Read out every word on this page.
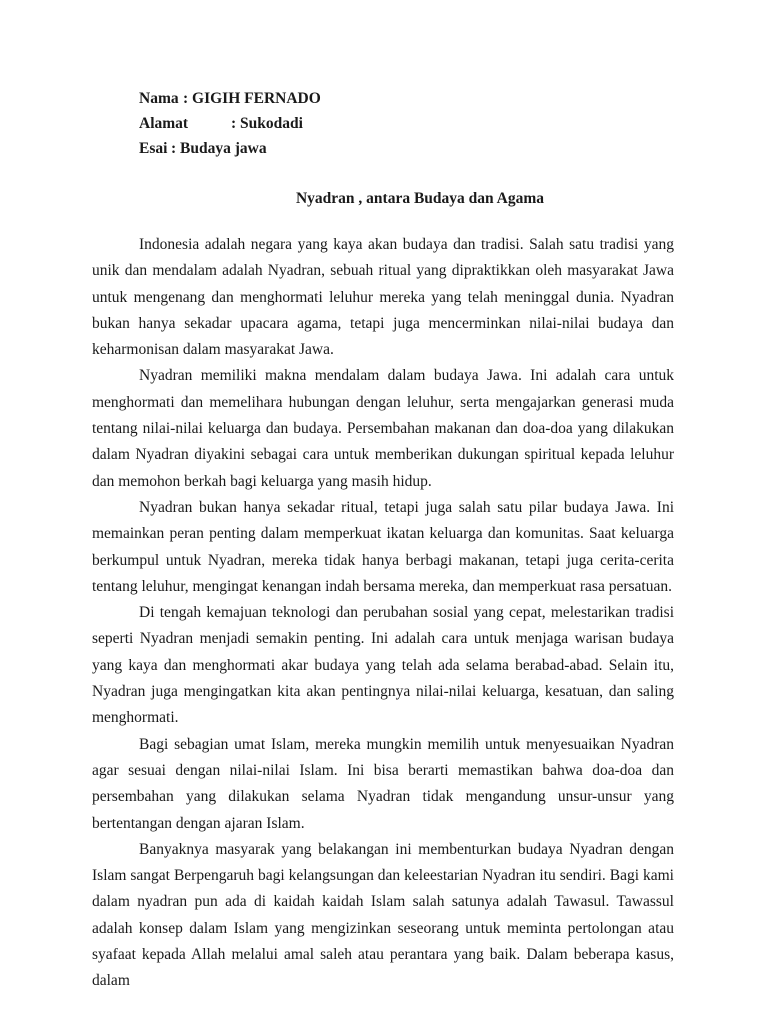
Nama : GIGIH FERNADO
Alamat	: Sukodadi
Esai : Budaya jawa
Nyadran , antara Budaya dan Agama

Indonesia adalah negara yang kaya akan budaya dan tradisi. Salah satu tradisi yang unik dan mendalam adalah Nyadran, sebuah ritual yang dipraktikkan oleh masyarakat Jawa untuk mengenang dan menghormati leluhur mereka yang telah meninggal dunia. Nyadran bukan hanya sekadar upacara agama, tetapi juga mencerminkan nilai-nilai budaya dan keharmonisan dalam masyarakat Jawa.

Nyadran memiliki makna mendalam dalam budaya Jawa. Ini adalah cara untuk menghormati dan memelihara hubungan dengan leluhur, serta mengajarkan generasi muda tentang nilai-nilai keluarga dan budaya. Persembahan makanan dan doa-doa yang dilakukan dalam Nyadran diyakini sebagai cara untuk memberikan dukungan spiritual kepada leluhur dan memohon berkah bagi keluarga yang masih hidup.

Nyadran bukan hanya sekadar ritual, tetapi juga salah satu pilar budaya Jawa. Ini memainkan peran penting dalam memperkuat ikatan keluarga dan komunitas. Saat keluarga berkumpul untuk Nyadran, mereka tidak hanya berbagi makanan, tetapi juga cerita-cerita tentang leluhur, mengingat kenangan indah bersama mereka, dan memperkuat rasa persatuan.

Di tengah kemajuan teknologi dan perubahan sosial yang cepat, melestarikan tradisi seperti Nyadran menjadi semakin penting. Ini adalah cara untuk menjaga warisan budaya yang kaya dan menghormati akar budaya yang telah ada selama berabad-abad. Selain itu, Nyadran juga mengingatkan kita akan pentingnya nilai-nilai keluarga, kesatuan, dan saling menghormati.

Bagi sebagian umat Islam, mereka mungkin memilih untuk menyesuaikan Nyadran agar sesuai dengan nilai-nilai Islam. Ini bisa berarti memastikan bahwa doa-doa dan persembahan yang dilakukan selama Nyadran tidak mengandung unsur-unsur yang bertentangan dengan ajaran Islam.

Banyaknya masyarak yang belakangan ini membenturkan budaya Nyadran dengan Islam sangat Berpengaruh bagi kelangsungan dan keleestarian Nyadran itu sendiri. Bagi kami dalam nyadran pun ada di kaidah kaidah Islam salah satunya adalah Tawasul. Tawassul adalah konsep dalam Islam yang mengizinkan seseorang untuk meminta pertolongan atau syafaat kepada Allah melalui amal saleh atau perantara yang baik. Dalam beberapa kasus, dalam
